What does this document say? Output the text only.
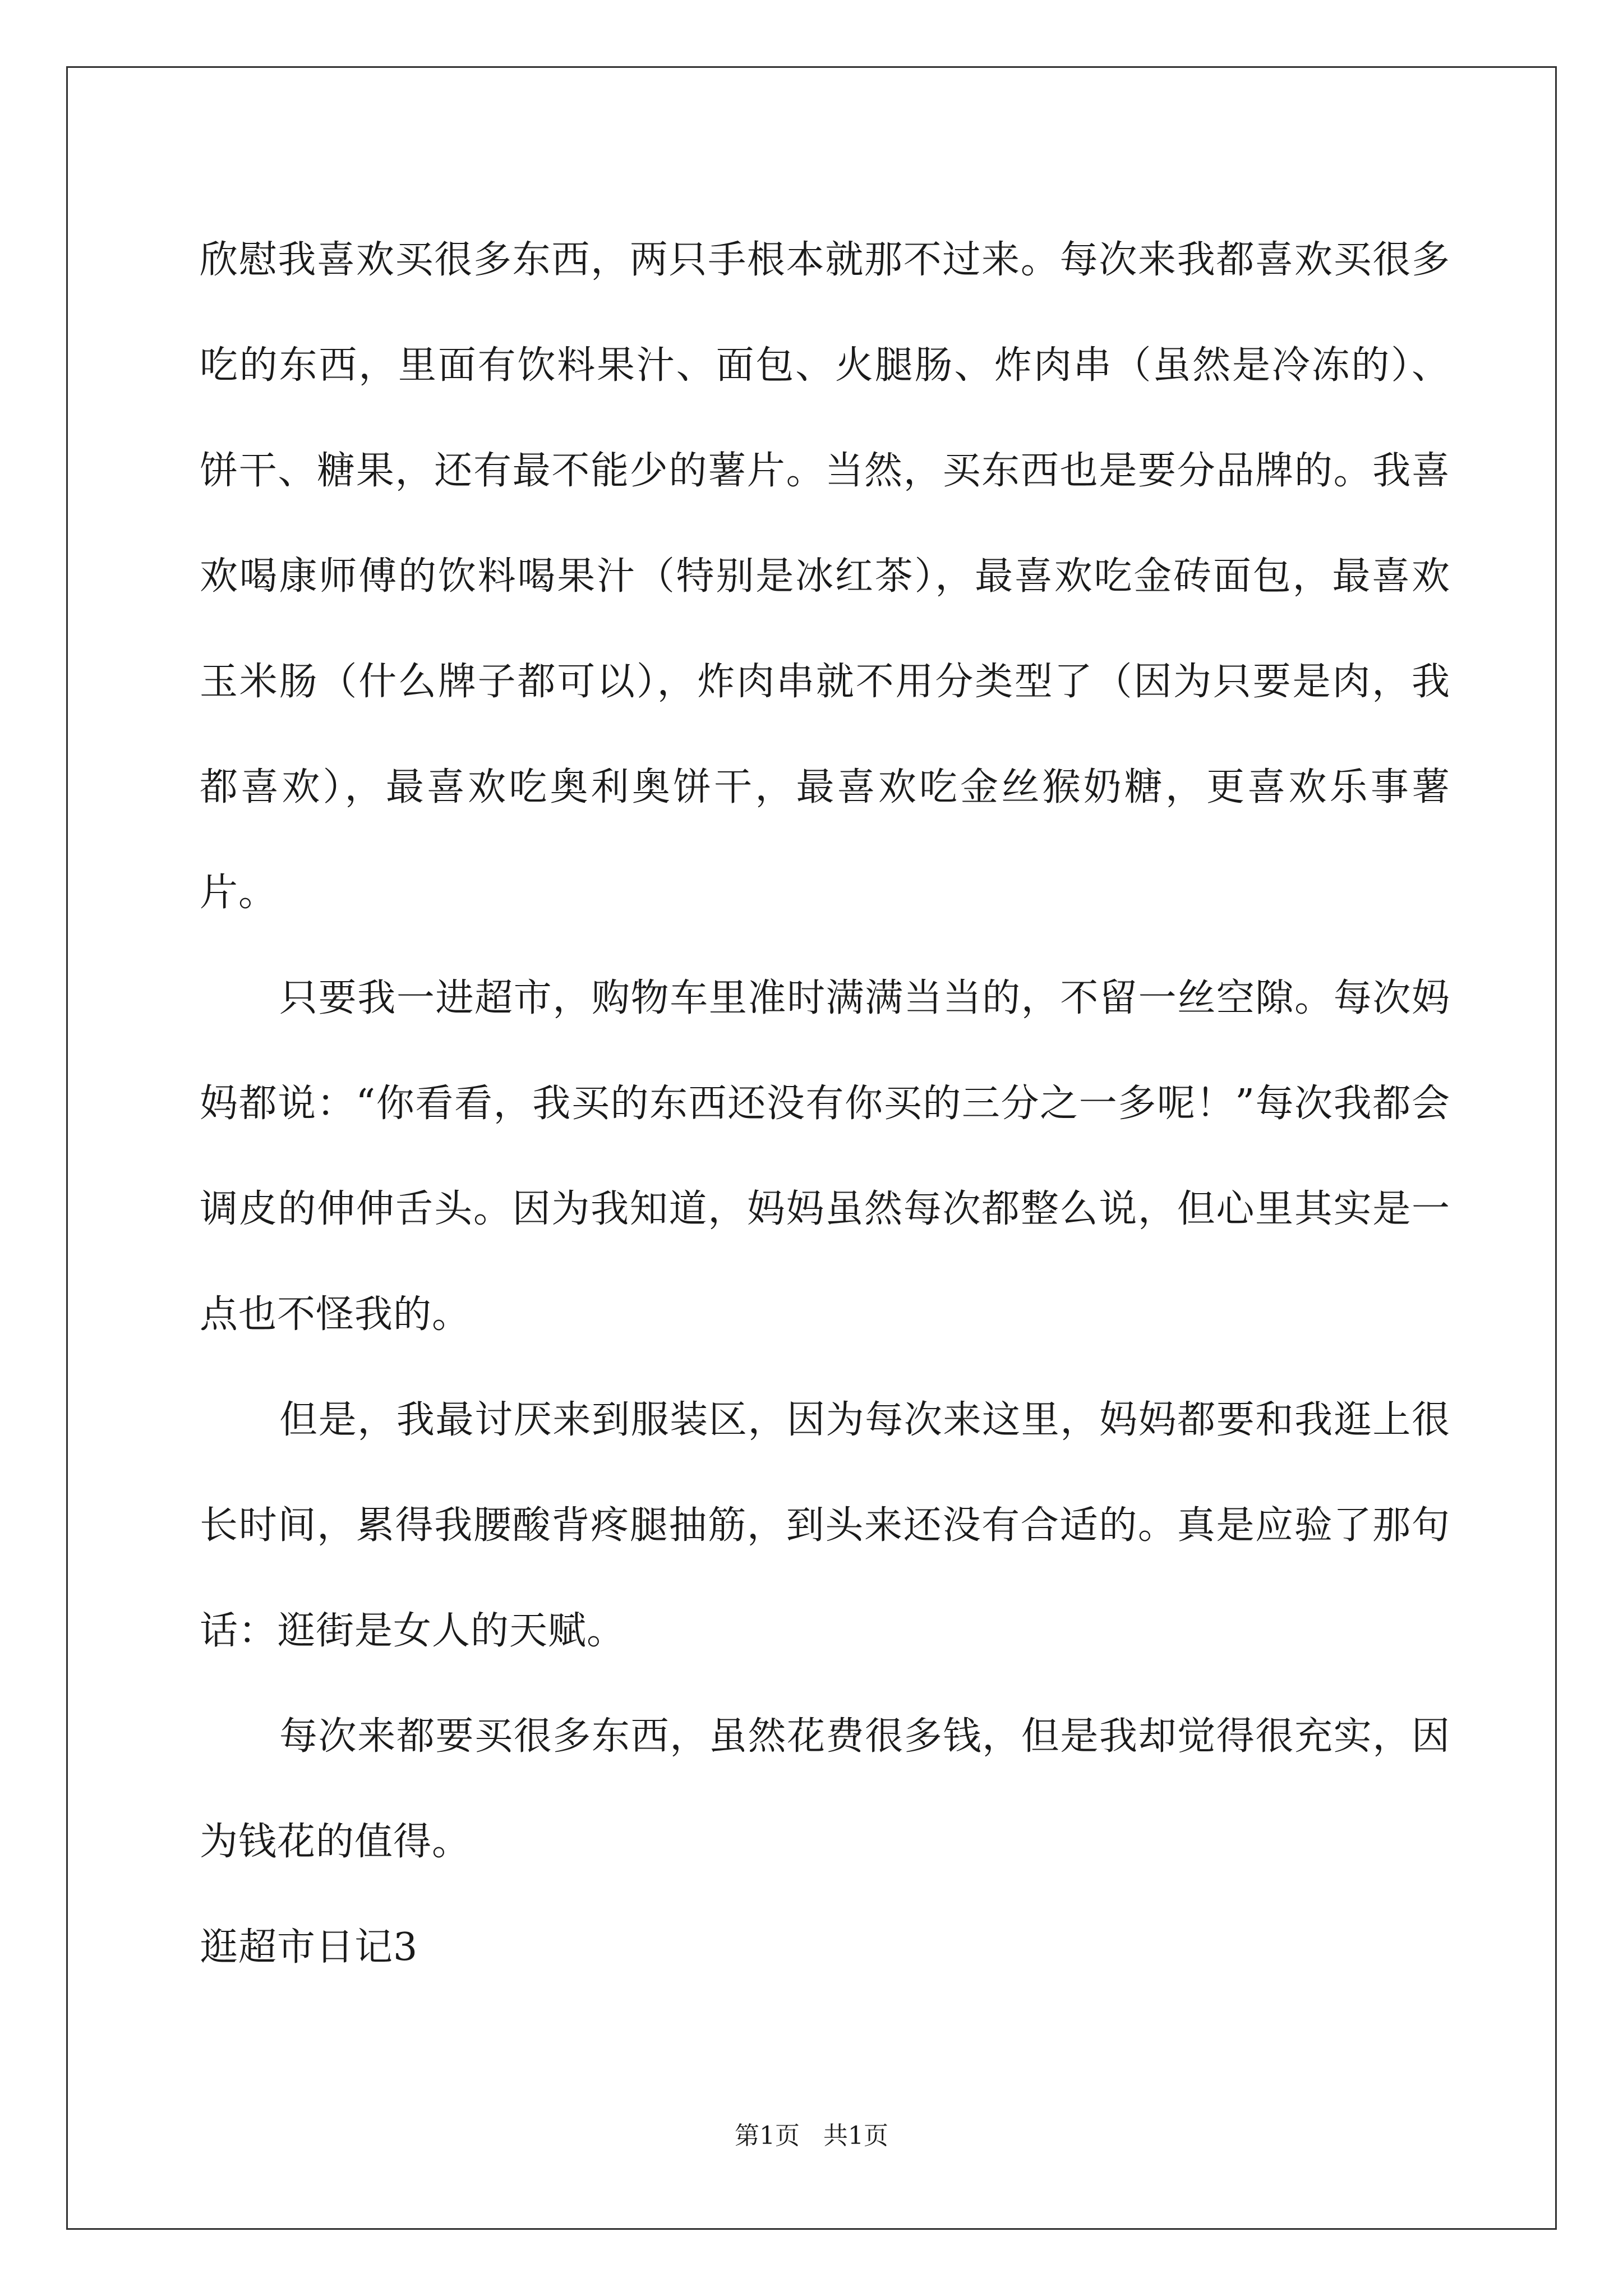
欣慰我喜欢买很多东西，两只手根本就那不过来。每次来我都喜欢买很多吃的东西，里面有饮料果汁、面包、火腿肠、炸肉串（虽然是冷冻的）、饼干、糖果，还有最不能少的薯片。当然，买东西也是要分品牌的。我喜欢喝康师傅的饮料喝果汁（特别是冰红茶），最喜欢吃金砖面包，最喜欢玉米肠（什么牌子都可以），炸肉串就不用分类型了（因为只要是肉，我都喜欢），最喜欢吃奥利奥饼干，最喜欢吃金丝猴奶糖，更喜欢乐事薯片。

只要我一进超市，购物车里准时满满当当的，不留一丝空隙。每次妈妈都说：“你看看，我买的东西还没有你买的三分之一多呢！”每次我都会调皮的伸伸舌头。因为我知道，妈妈虽然每次都整么说，但心里其实是一点也不怪我的。

但是，我最讨厌来到服装区，因为每次来这里，妈妈都要和我逛上很长时间，累得我腰酸背疼腿抽筋，到头来还没有合适的。真是应验了那句话：逛街是女人的天赋。

每次来都要买很多东西，虽然花费很多钱，但是我却觉得很充实，因为钱花的值得。

逛超市日记3

第1页 共1页
